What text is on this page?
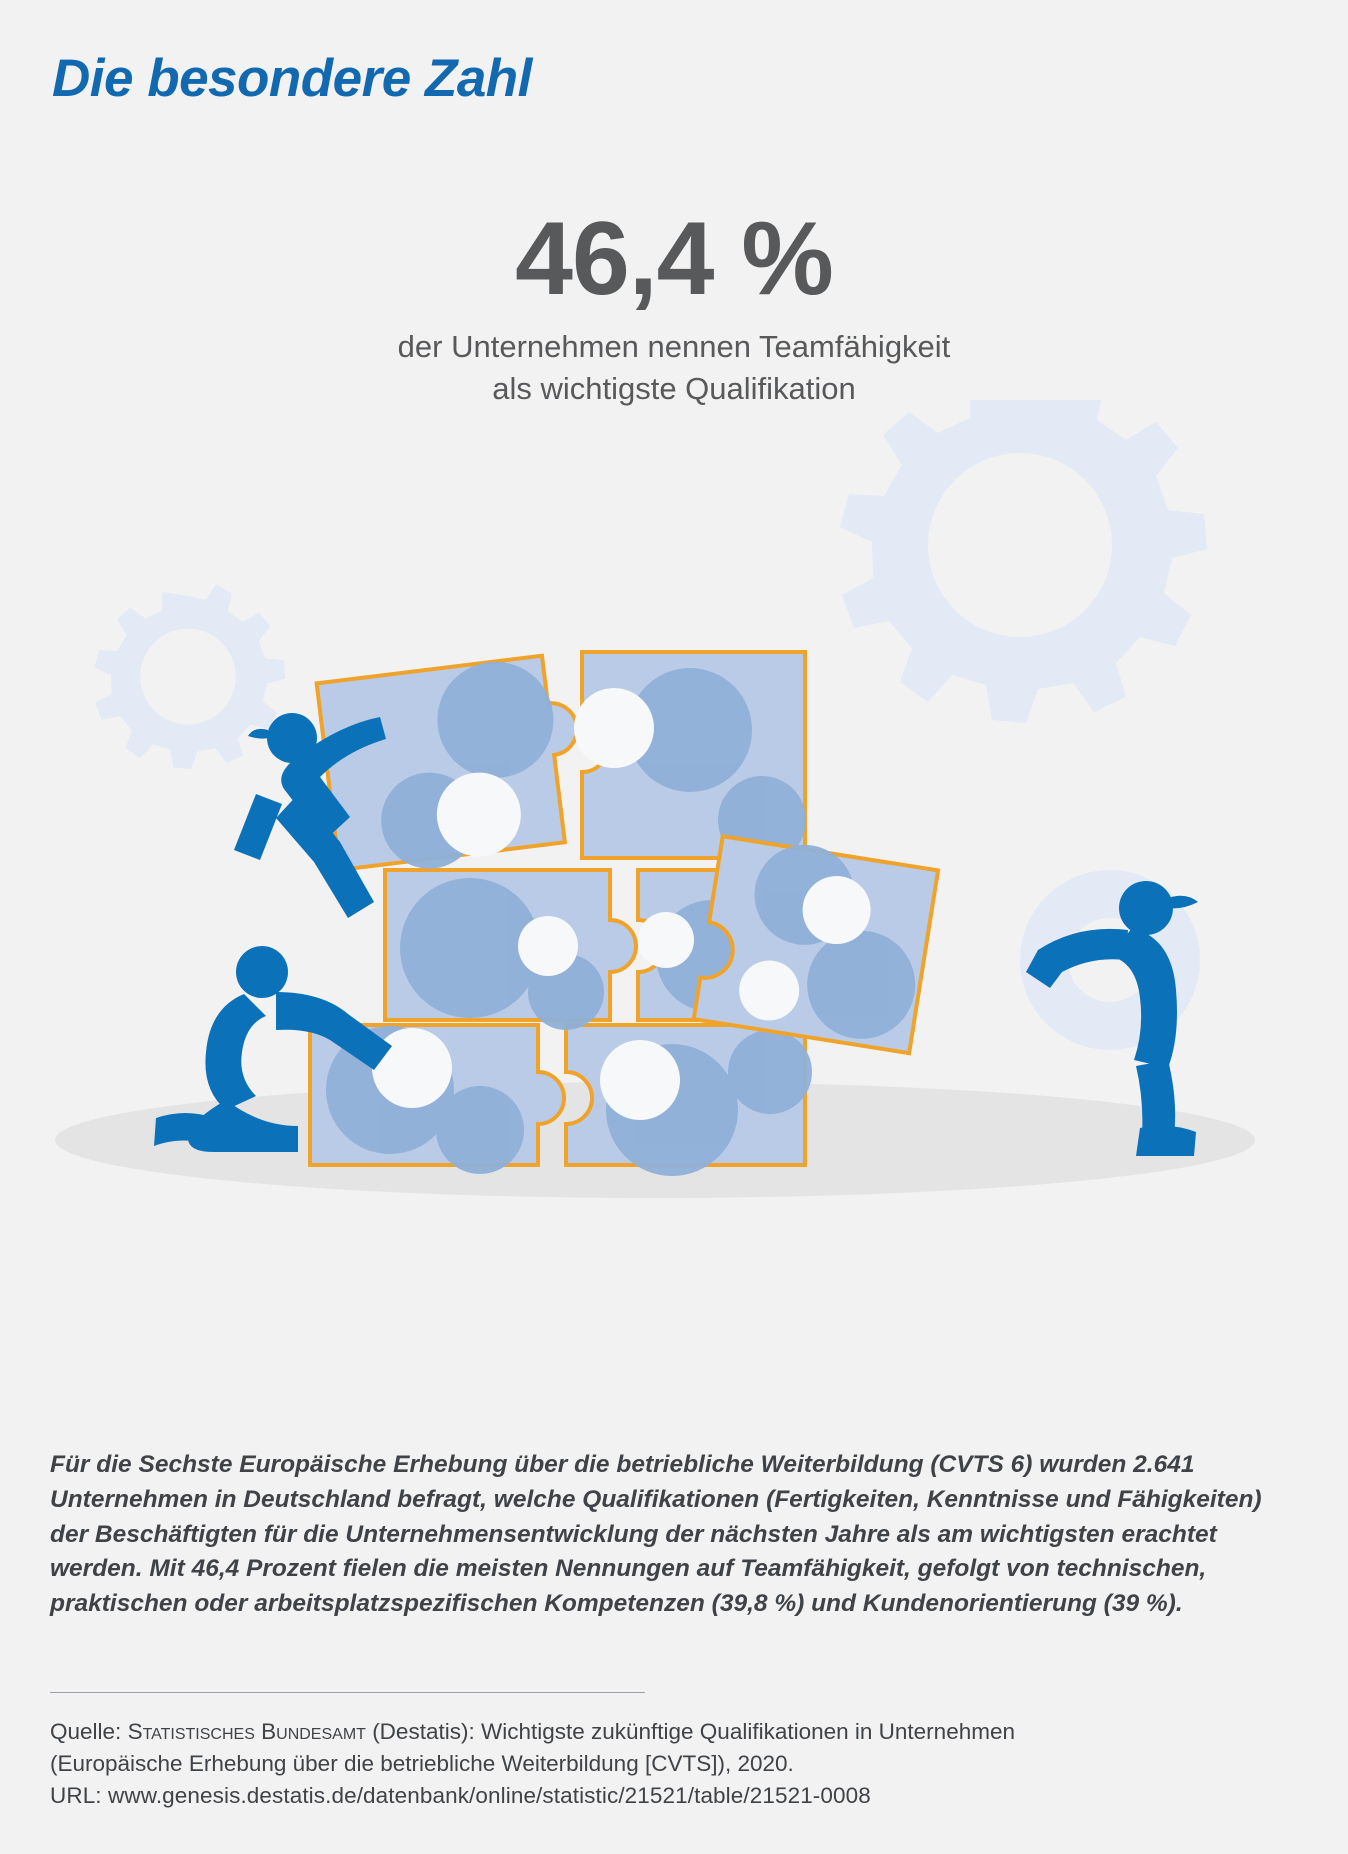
Die besondere Zahl
46,4 %
der Unternehmen nennen Teamfähigkeit
als wichtigste Qualifikation
Für die Sechste Europäische Erhebung über die betriebliche Weiterbildung (CVTS 6) wurden 2.641 Unternehmen in Deutschland befragt, welche Qualifikationen (Fertigkeiten, Kenntnisse und Fähigkeiten) der Beschäftigten für die Unternehmensentwicklung der nächsten Jahre als am wichtigsten erachtet werden. Mit 46,4 Prozent fielen die meisten Nennungen auf Teamfähigkeit, gefolgt von technischen, praktischen oder arbeitsplatzspezifischen Kompetenzen (39,8 %) und Kundenorientierung (39 %).
Quelle: Statistisches Bundesamt (Destatis): Wichtigste zukünftige Qualifikationen in Unternehmen
(Europäische Erhebung über die betriebliche Weiterbildung [CVTS]), 2020.
URL: www.genesis.destatis.de/datenbank/online/statistic/21521/table/21521-0008
